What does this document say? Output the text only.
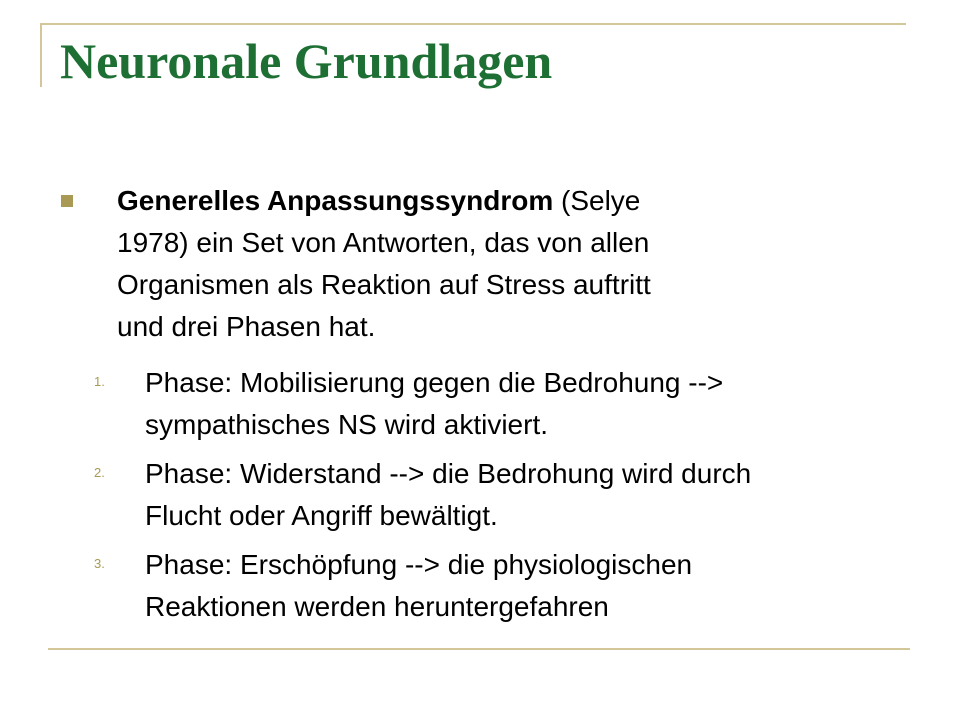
Neuronale Grundlagen
Generelles Anpassungssyndrom (Selye
1978) ein Set von Antworten, das von allen
Organismen als Reaktion auf Stress auftritt
und drei Phasen hat.
1. Phase: Mobilisierung gegen die Bedrohung -->
sympathisches NS wird aktiviert.
2. Phase: Widerstand --> die Bedrohung wird durch
Flucht oder Angriff bewältigt.
3. Phase: Erschöpfung --> die physiologischen
Reaktionen werden heruntergefahren
